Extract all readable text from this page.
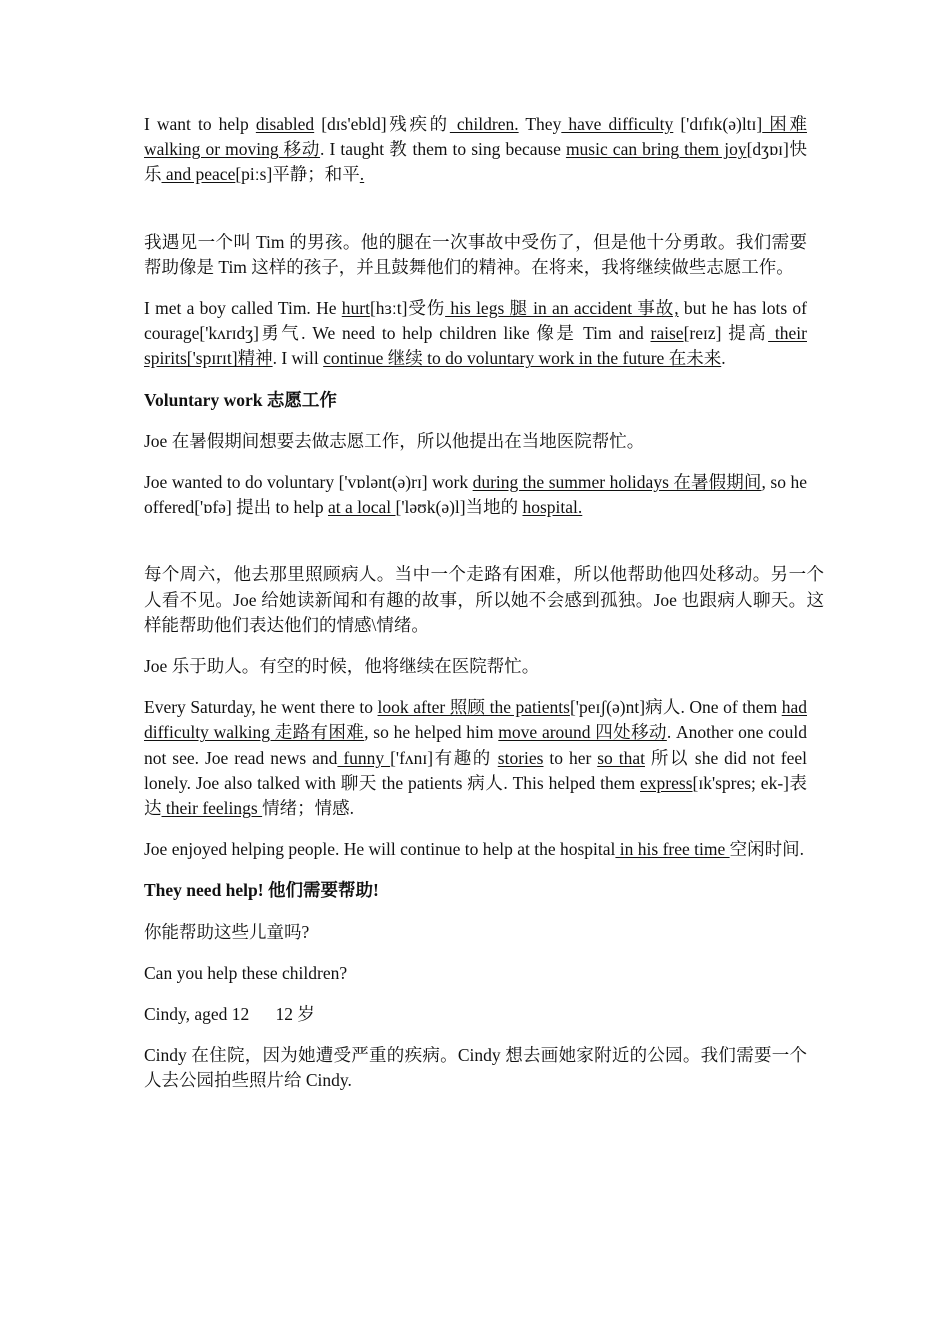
I want to help disabled [dɪs'ebld]残疾的 children. They have difficulty ['dɪfɪk(ə)ltɪ] 困难 walking or moving 移动. I taught 教 them to sing because music can bring them joy[dʒɒɪ]快乐 and peace[piːs]平静；和平.

我遇见一个叫 Tim 的男孩。他的腿在一次事故中受伤了，但是他十分勇敢。我们需要帮助像是 Tim 这样的孩子，并且鼓舞他们的精神。在将来，我将继续做些志愿工作。

I met a boy called Tim. He hurt[hɜːt]受伤 his legs 腿 in an accident 事故, but he has lots of courage['kʌrɪdʒ]勇气. We need to help children like 像是 Tim and raise[reɪz] 提高 their spirits['spɪrɪt]精神. I will continue 继续 to do voluntary work in the future 在未来.

Voluntary work 志愿工作

Joe 在暑假期间想要去做志愿工作，所以他提出在当地医院帮忙。

Joe wanted to do voluntary ['vɒlənt(ə)rɪ] work during the summer holidays 在暑假期间, so he offered['ɒfə] 提出 to help at a local ['ləʊk(ə)l]当地的 hospital.

每个周六，他去那里照顾病人。当中一个走路有困难，所以他帮助他四处移动。另一个人看不见。Joe 给她读新闻和有趣的故事，所以她不会感到孤独。Joe 也跟病人聊天。这样能帮助他们表达他们的情感\情绪。

Joe 乐于助人。有空的时候，他将继续在医院帮忙。

Every Saturday, he went there to look after 照顾 the patients['peɪʃ(ə)nt]病人. One of them had difficulty walking 走路有困难, so he helped him move around 四处移动. Another one could not see. Joe read news and funny ['fʌnɪ]有趣的 stories to her so that 所以 she did not feel lonely. Joe also talked with 聊天 the patients 病人. This helped them express[ɪk'spres; ek-]表达 their feelings 情绪；情感.

Joe enjoyed helping people. He will continue to help at the hospital in his free time 空闲时间.

They need help! 他们需要帮助!

你能帮助这些儿童吗?

Can you help these children?

Cindy, aged 12      12 岁

Cindy 在住院，因为她遭受严重的疾病。Cindy 想去画她家附近的公园。我们需要一个人去公园拍些照片给 Cindy.
